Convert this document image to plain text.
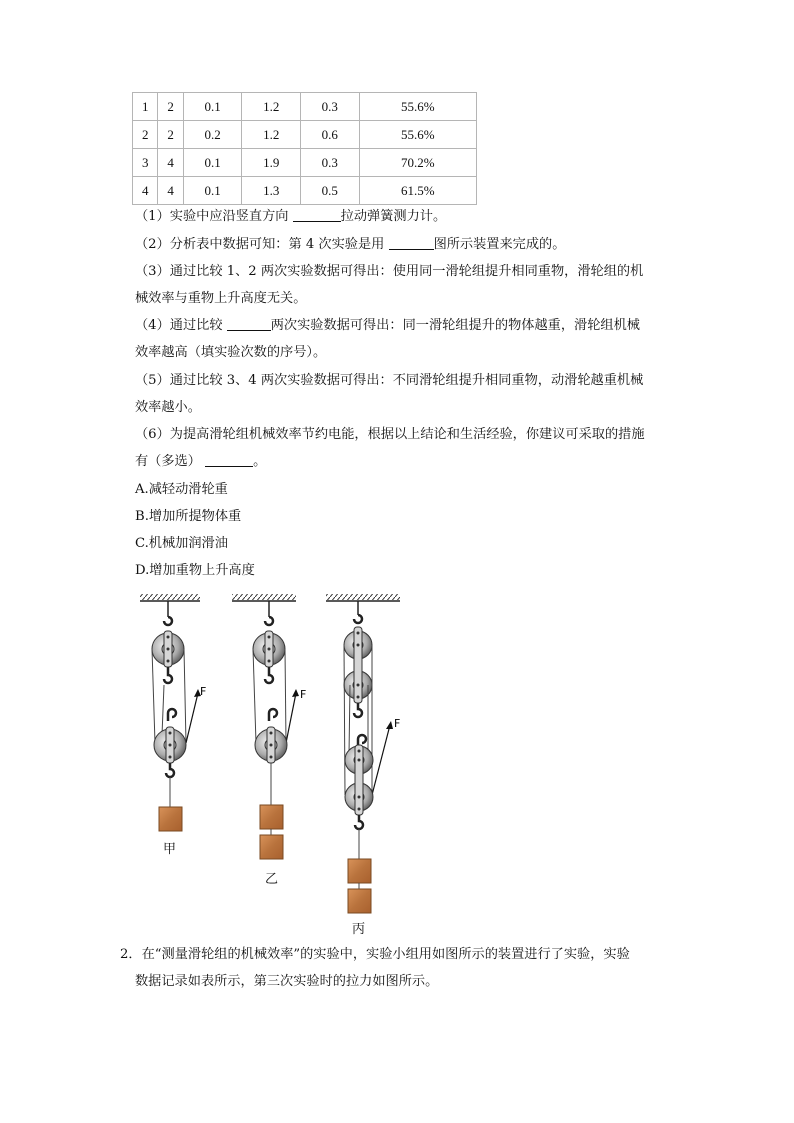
1	2	0.1	1.2	0.3	55.6%
2	2	0.2	1.2	0.6	55.6%
3	4	0.1	1.9	0.3	70.2%
4	4	0.1	1.3	0.5	61.5%
（1）实验中应沿竖直方向	拉动弹簧测力计。
（2）分析表中数据可知：第 4 次实验是用	图所示装置来完成的。
（3）通过比较 1、2 两次实验数据可得出：使用同一滑轮组提升相同重物，滑轮组的机
械效率与重物上升高度无关。
（4）通过比较	两次实验数据可得出：同一滑轮组提升的物体越重，滑轮组机械
效率越高（填实验次数的序号）。
（5）通过比较 3、4 两次实验数据可得出：不同滑轮组提升相同重物，动滑轮越重机械
效率越小。
（6）为提高滑轮组机械效率节约电能，根据以上结论和生活经验，你建议可采取的措施
有（多选）	。
A.减轻动滑轮重
B.增加所提物体重
C.机械加润滑油
D.增加重物上升高度
F	F
F
甲
乙
丙
2．在“测量滑轮组的机械效率”的实验中，实验小组用如图所示的装置进行了实验，实验
数据记录如表所示，第三次实验时的拉力如图所示。
